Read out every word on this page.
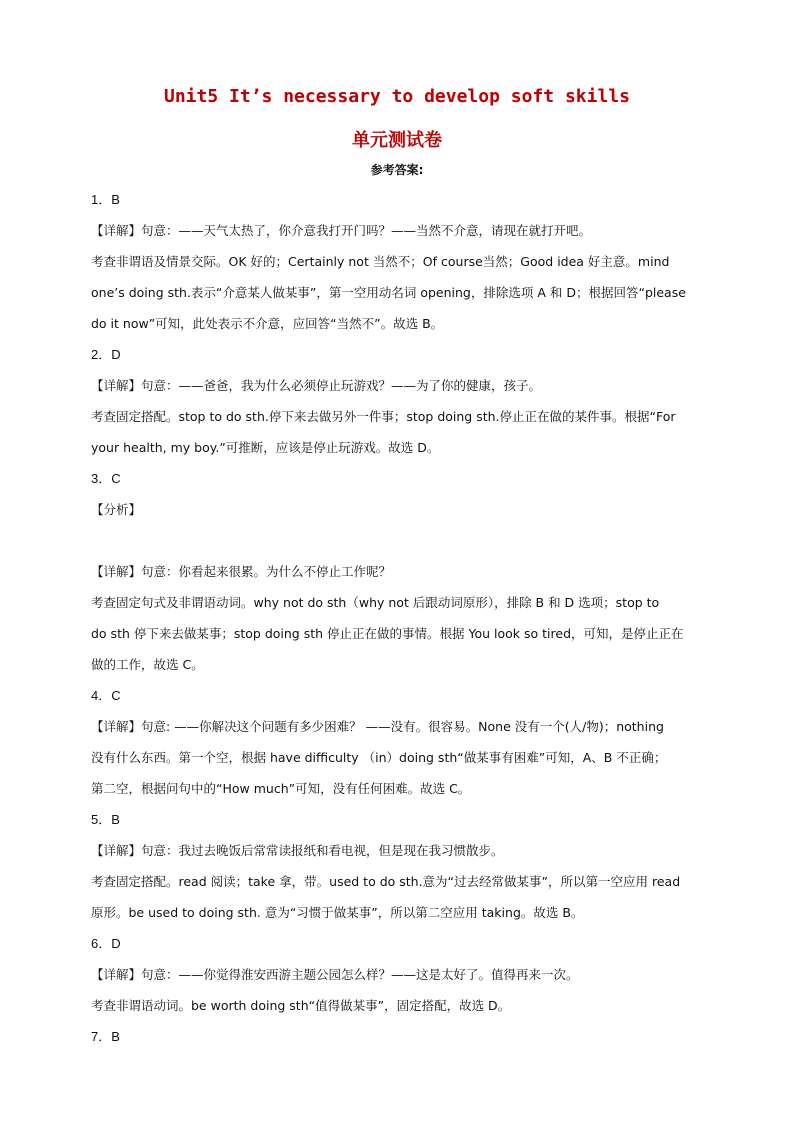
Unit5 It’s necessary to develop soft skills
单元测试卷
参考答案:
1．B
【详解】句意：——天气太热了，你介意我打开门吗？——当然不介意，请现在就打开吧。
考查非谓语及情景交际。OK 好的；Certainly not 当然不；Of course当然；Good idea 好主意。mind
one’s doing sth.表示“介意某人做某事”，第一空用动名词 opening，排除选项 A 和 D；根据回答“please
do it now”可知，此处表示不介意，应回答“当然不”。故选 B。
2．D
【详解】句意：——爸爸，我为什么必须停止玩游戏？——为了你的健康，孩子。
考查固定搭配。stop to do sth.停下来去做另外一件事；stop doing sth.停止正在做的某件事。根据“For
your health, my boy.”可推断，应该是停止玩游戏。故选 D。
3．C
【分析】
【详解】句意：你看起来很累。为什么不停止工作呢？
考查固定句式及非谓语动词。why not do sth（why not 后跟动词原形），排除 B 和 D 选项；stop to
do sth 停下来去做某事；stop doing sth 停止正在做的事情。根据 You look so tired，可知，是停止正在
做的工作，故选 C。
4．C
【详解】句意: ——你解决这个问题有多少困难？ ——没有。很容易。None 没有一个(人/物)；nothing
没有什么东西。第一个空，根据 have difficulty （in）doing sth“做某事有困难”可知，A、B 不正确；
第二空，根据问句中的“How much”可知，没有任何困难。故选 C。
5．B
【详解】句意：我过去晚饭后常常读报纸和看电视，但是现在我习惯散步。
考查固定搭配。read 阅读；take 拿，带。used to do sth.意为“过去经常做某事”，所以第一空应用 read
原形。be used to doing sth. 意为“习惯于做某事”，所以第二空应用 taking。故选 B。
6．D
【详解】句意：——你觉得淮安西游主题公园怎么样？——这是太好了。值得再来一次。
考查非谓语动词。be worth doing sth“值得做某事”，固定搭配，故选 D。
7．B
